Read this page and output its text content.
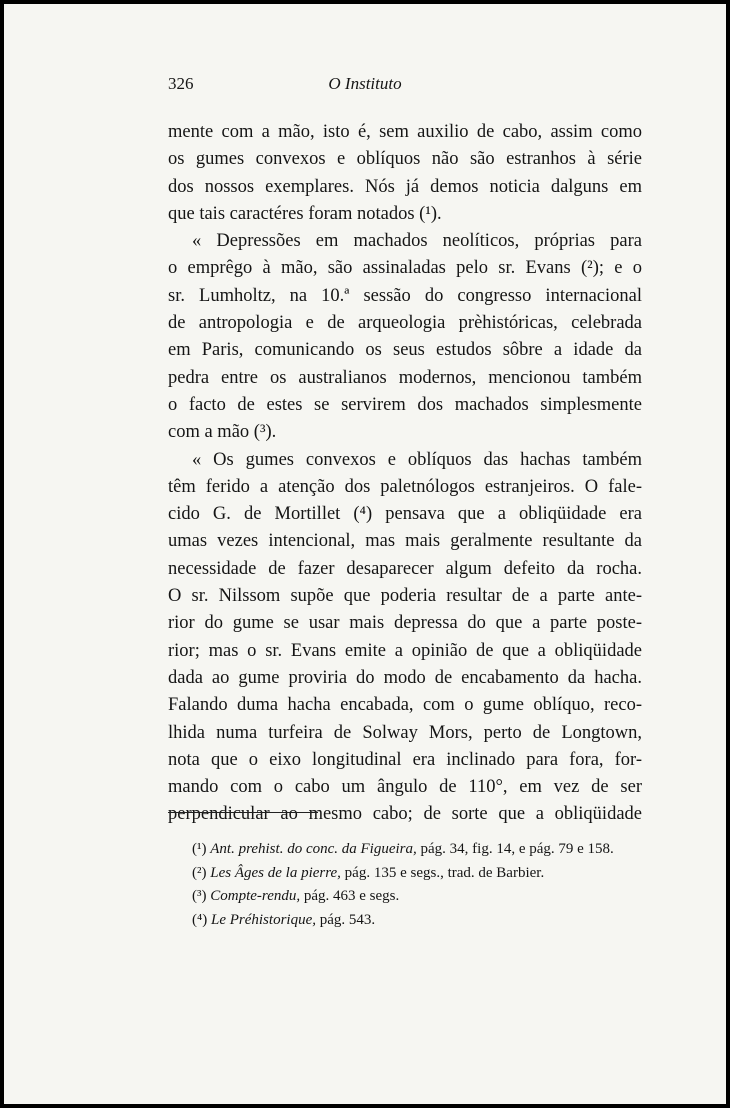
326	O Instituto

mente com a mão, isto é, sem auxilio de cabo, assim como

os gumes convexos e oblíquos não são estranhos à série

dos nossos exemplares. Nós já demos noticia dalguns em

que tais caractéres foram notados (¹).

« Depressões em machados neolíticos, próprias para

o emprêgo à mão, são assinaladas pelo sr. Evans (²); e o

sr. Lumholtz, na 10.ª sessão do congresso internacional

de antropologia e de arqueologia prèhistóricas, celebrada

em Paris, comunicando os seus estudos sôbre a idade da

pedra entre os australianos modernos, mencionou também

o facto de estes se servirem dos machados simplesmente

com a mão (³).

« Os gumes convexos e oblíquos das hachas também

têm ferido a atenção dos paletnólogos estranjeiros. O fale-

cido G. de Mortillet (⁴) pensava que a obliqüidade era

umas vezes intencional, mas mais geralmente resultante da

necessidade de fazer desaparecer algum defeito da rocha.

O sr. Nilssom supõe que poderia resultar de a parte ante-

rior do gume se usar mais depressa do que a parte poste-

rior; mas o sr. Evans emite a opinião de que a obliqüidade

dada ao gume proviria do modo de encabamento da hacha.

Falando duma hacha encabada, com o gume oblíquo, reco-

lhida numa turfeira de Solway Mors, perto de Longtown,

nota que o eixo longitudinal era inclinado para fora, for-

mando com o cabo um ângulo de 110°, em vez de ser

perpendicular ao mesmo cabo; de sorte que a obliqüidade

(¹) Ant. prehist. do conc. da Figueira, pág. 34, fig. 14, e pág. 79 e 158.

(²) Les Âges de la pierre, pág. 135 e segs., trad. de Barbier.

(³) Compte-rendu, pág. 463 e segs.

(⁴) Le Préhistorique, pág. 543.
